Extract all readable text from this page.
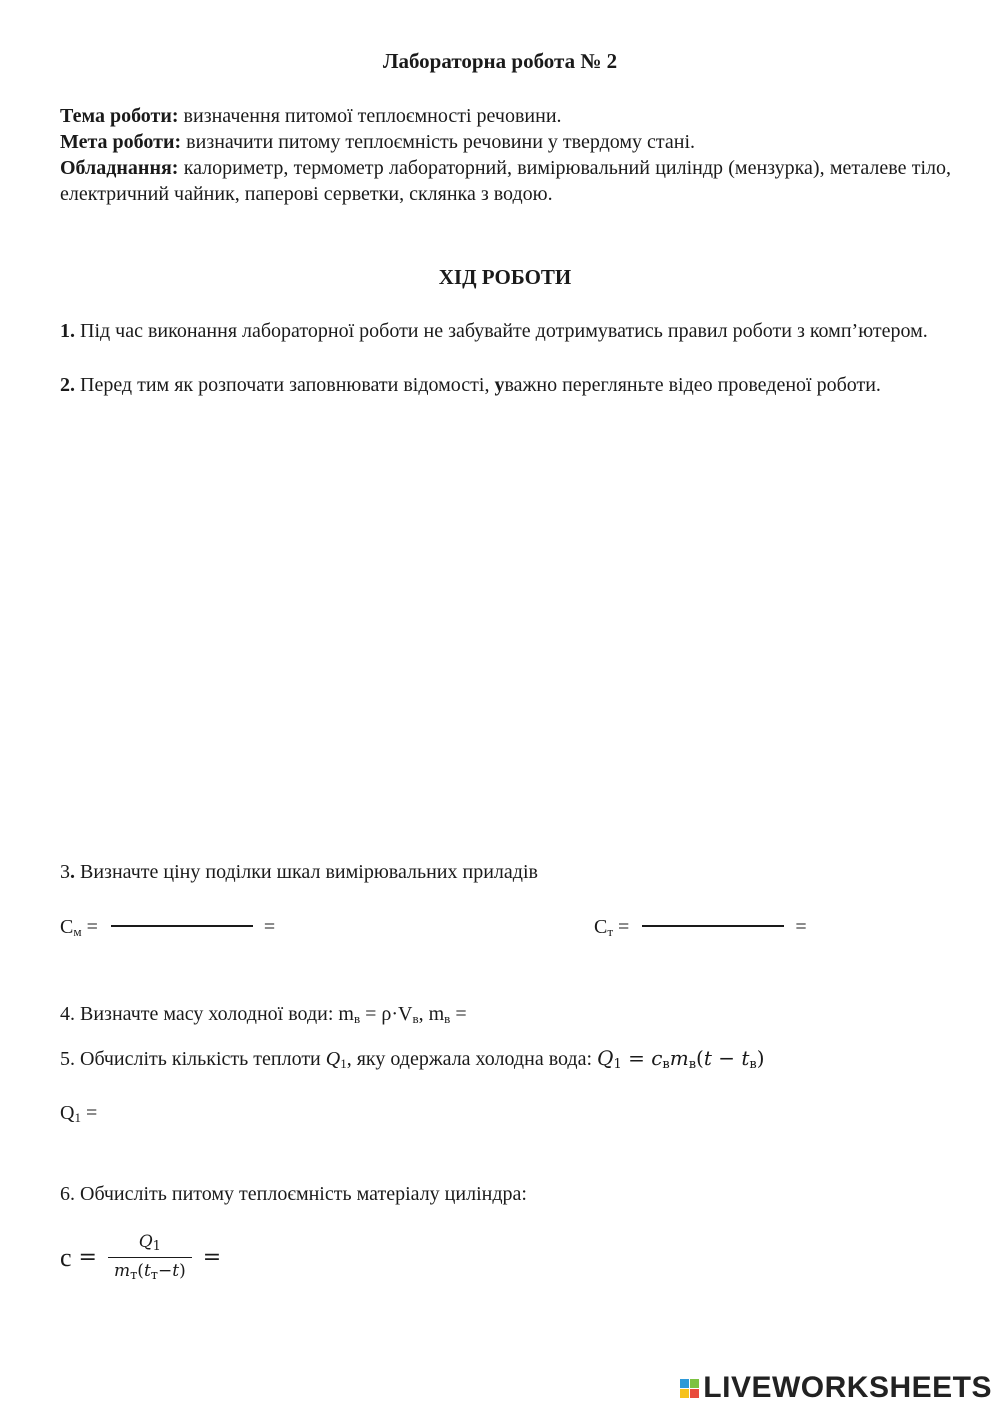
Лабораторна робота № 2
Тема роботи: визначення питомої теплоємності речовини.
Мета роботи: визначити питому теплоємність речовини у твердому стані.
Обладнання: калориметр, термометр лабораторний, вимірювальний циліндр (мензурка), металеве тіло, електричний чайник, паперові серветки, склянка з водою.
ХІД РОБОТИ
1. Під час виконання лабораторної роботи не забувайте дотримуватись правил роботи з комп’ютером.
2. Перед тим як розпочати заповнювати відомості, уважно перегляньте відео проведеної роботи.
3. Визначте ціну поділки шкал вимірювальних приладів
$C_м$ =	=	$C_т$ =	=
4. Визначте масу холодної води: $m_в = \rho\cdot V_в$, $m_в$ =
5. Обчисліть кількість теплоти $Q_1$, яку одержала холодна вода: $Q_1 = c_вm_в(t - t_в)$
$Q_1$ =
6. Обчисліть питому теплоємність матеріалу циліндра:
$c = \frac{Q_1}{m_т(t_т-t)}$ =
LIVEWORKSHEETS
